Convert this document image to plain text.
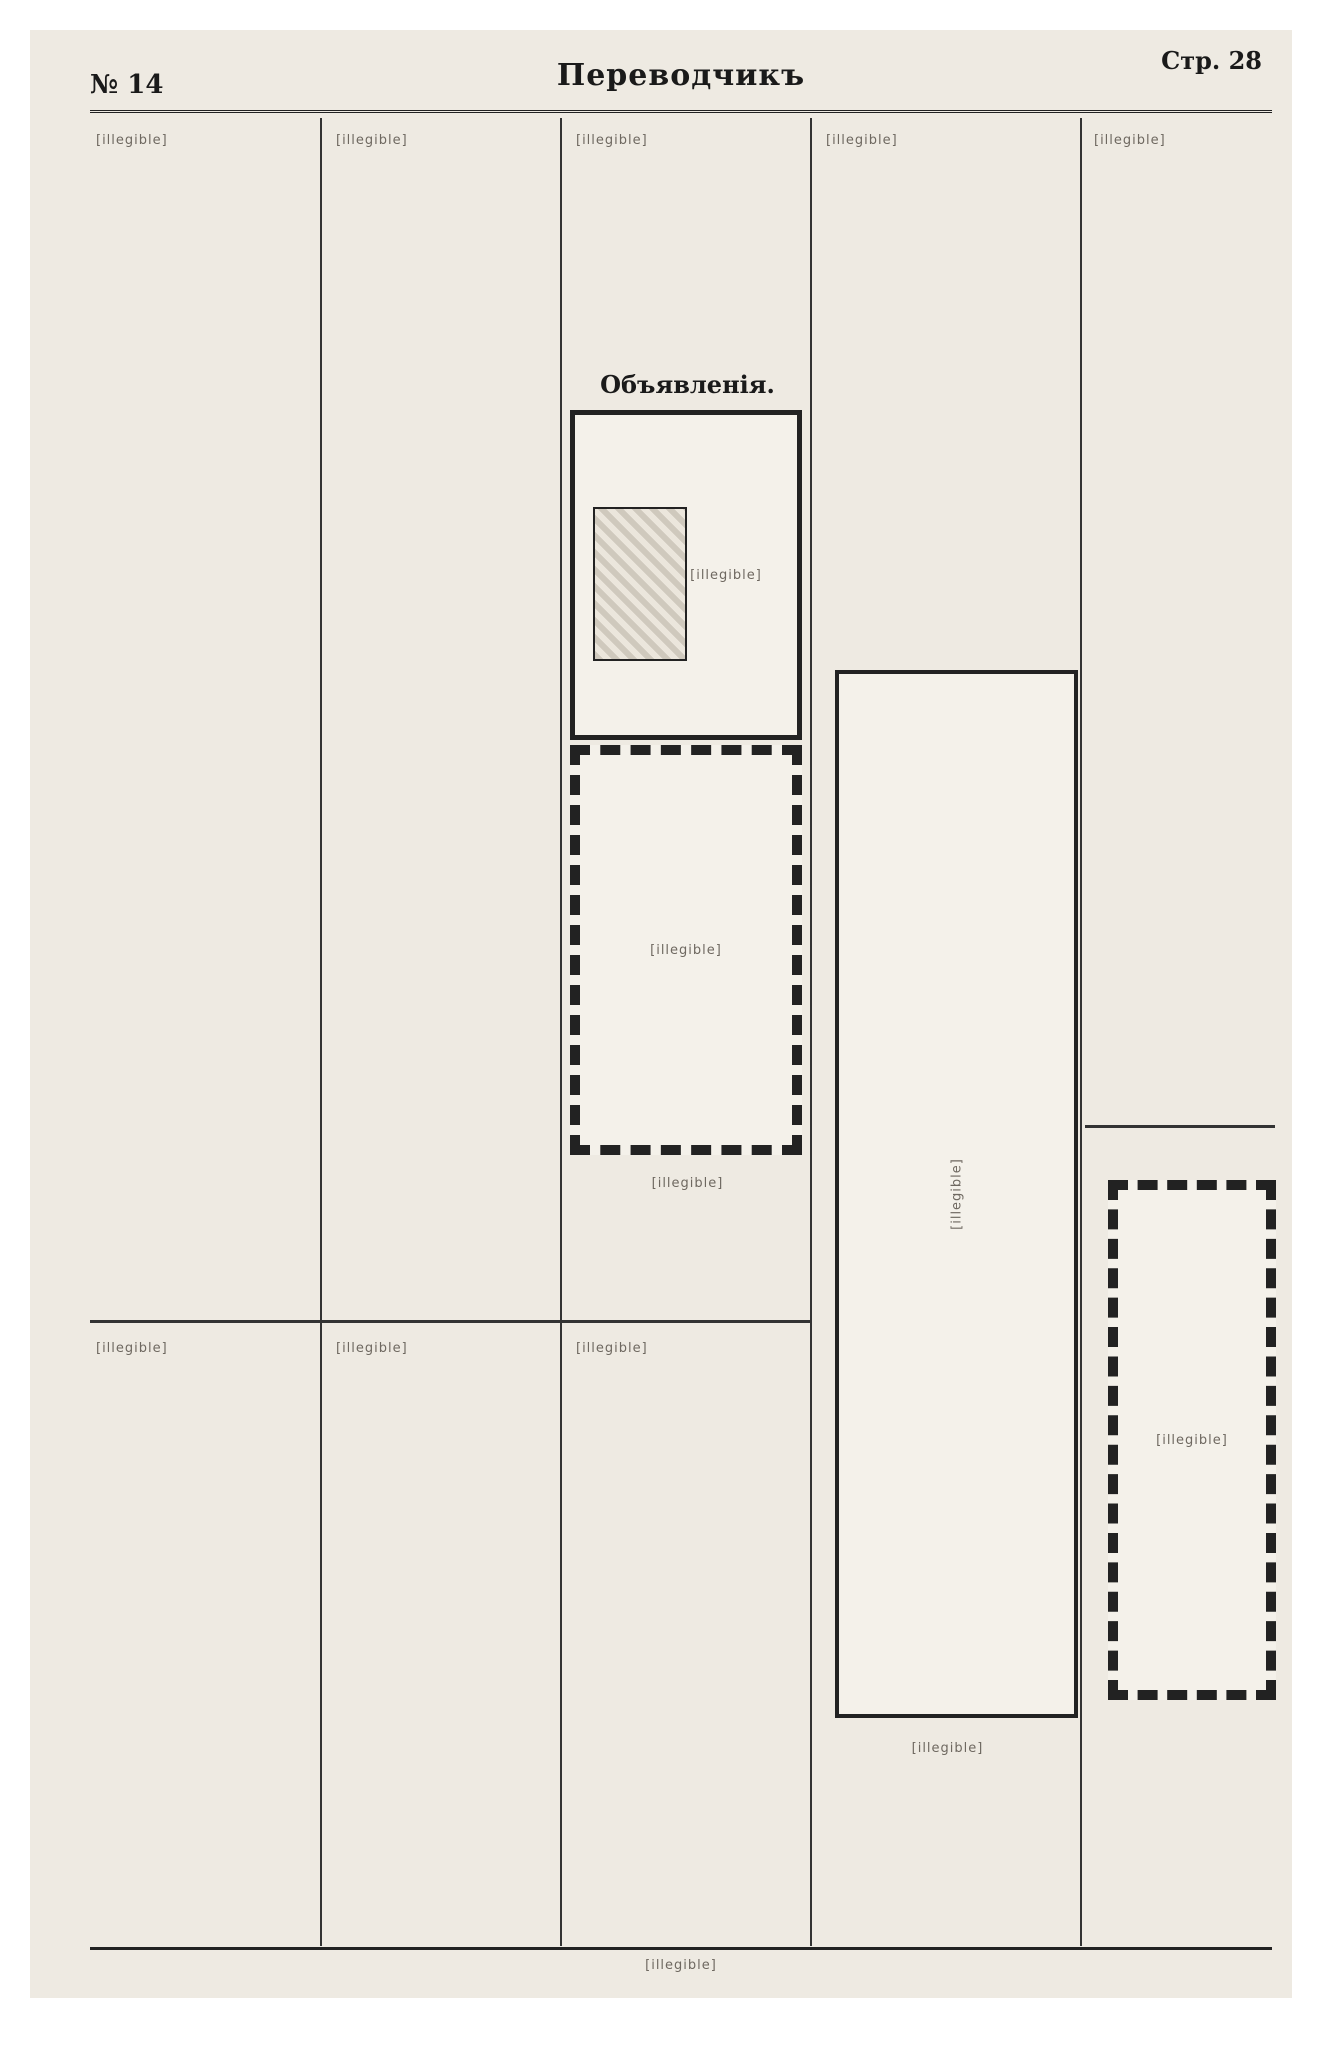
№ 14	Переводчикъ	Стр. 28
[illegible]
[illegible]
[illegible]
[illegible]
[illegible]
Объявленія.
[illegible]
[illegible]
[illegible]
[illegible]
[illegible]
[illegible]
[illegible]
[illegible]
[illegible]
[illegible]
